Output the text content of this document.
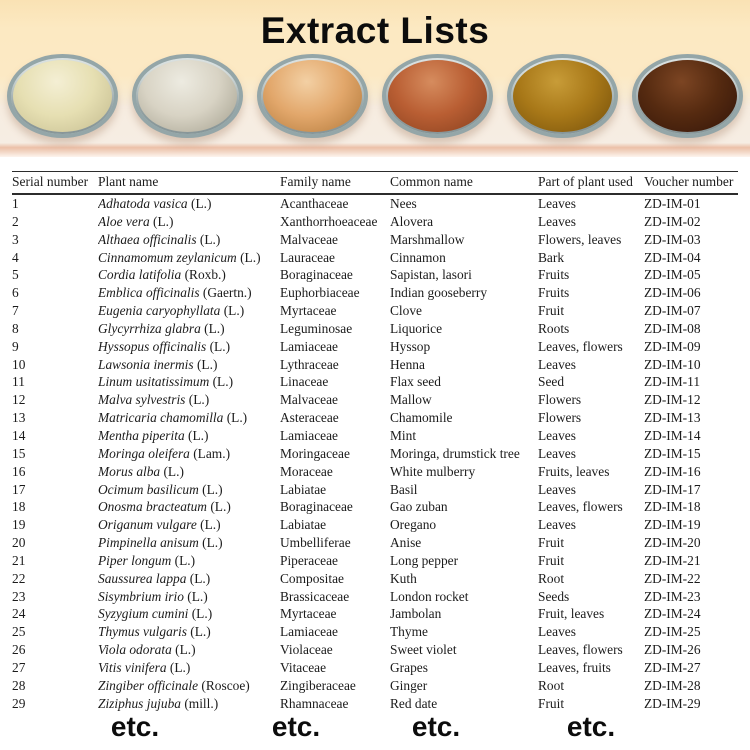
Extract Lists
Serial number	Plant name	Family name	Common name	Part of plant used	Voucher number
1	Adhatoda vasica (L.)	Acanthaceae	Nees	Leaves	ZD-IM-01
2	Aloe vera (L.)	Xanthorrhoeaceae	Alovera	Leaves	ZD-IM-02
3	Althaea officinalis (L.)	Malvaceae	Marshmallow	Flowers, leaves	ZD-IM-03
4	Cinnamomum zeylanicum (L.)	Lauraceae	Cinnamon	Bark	ZD-IM-04
5	Cordia latifolia (Roxb.)	Boraginaceae	Sapistan, lasori	Fruits	ZD-IM-05
6	Emblica officinalis (Gaertn.)	Euphorbiaceae	Indian gooseberry	Fruits	ZD-IM-06
7	Eugenia caryophyllata (L.)	Myrtaceae	Clove	Fruit	ZD-IM-07
8	Glycyrrhiza glabra (L.)	Leguminosae	Liquorice	Roots	ZD-IM-08
9	Hyssopus officinalis (L.)	Lamiaceae	Hyssop	Leaves, flowers	ZD-IM-09
10	Lawsonia inermis (L.)	Lythraceae	Henna	Leaves	ZD-IM-10
11	Linum usitatissimum (L.)	Linaceae	Flax seed	Seed	ZD-IM-11
12	Malva sylvestris (L.)	Malvaceae	Mallow	Flowers	ZD-IM-12
13	Matricaria chamomilla (L.)	Asteraceae	Chamomile	Flowers	ZD-IM-13
14	Mentha piperita (L.)	Lamiaceae	Mint	Leaves	ZD-IM-14
15	Moringa oleifera (Lam.)	Moringaceae	Moringa, drumstick tree	Leaves	ZD-IM-15
16	Morus alba (L.)	Moraceae	White mulberry	Fruits, leaves	ZD-IM-16
17	Ocimum basilicum (L.)	Labiatae	Basil	Leaves	ZD-IM-17
18	Onosma bracteatum (L.)	Boraginaceae	Gao zuban	Leaves, flowers	ZD-IM-18
19	Origanum vulgare (L.)	Labiatae	Oregano	Leaves	ZD-IM-19
20	Pimpinella anisum (L.)	Umbelliferae	Anise	Fruit	ZD-IM-20
21	Piper longum (L.)	Piperaceae	Long pepper	Fruit	ZD-IM-21
22	Saussurea lappa (L.)	Compositae	Kuth	Root	ZD-IM-22
23	Sisymbrium irio (L.)	Brassicaceae	London rocket	Seeds	ZD-IM-23
24	Syzygium cumini (L.)	Myrtaceae	Jambolan	Fruit, leaves	ZD-IM-24
25	Thymus vulgaris (L.)	Lamiaceae	Thyme	Leaves	ZD-IM-25
26	Viola odorata (L.)	Violaceae	Sweet violet	Leaves, flowers	ZD-IM-26
27	Vitis vinifera (L.)	Vitaceae	Grapes	Leaves, fruits	ZD-IM-27
28	Zingiber officinale (Roscoe)	Zingiberaceae	Ginger	Root	ZD-IM-28
29	Ziziphus jujuba (mill.)	Rhamnaceae	Red date	Fruit	ZD-IM-29
etc.	etc.	etc.	etc.
